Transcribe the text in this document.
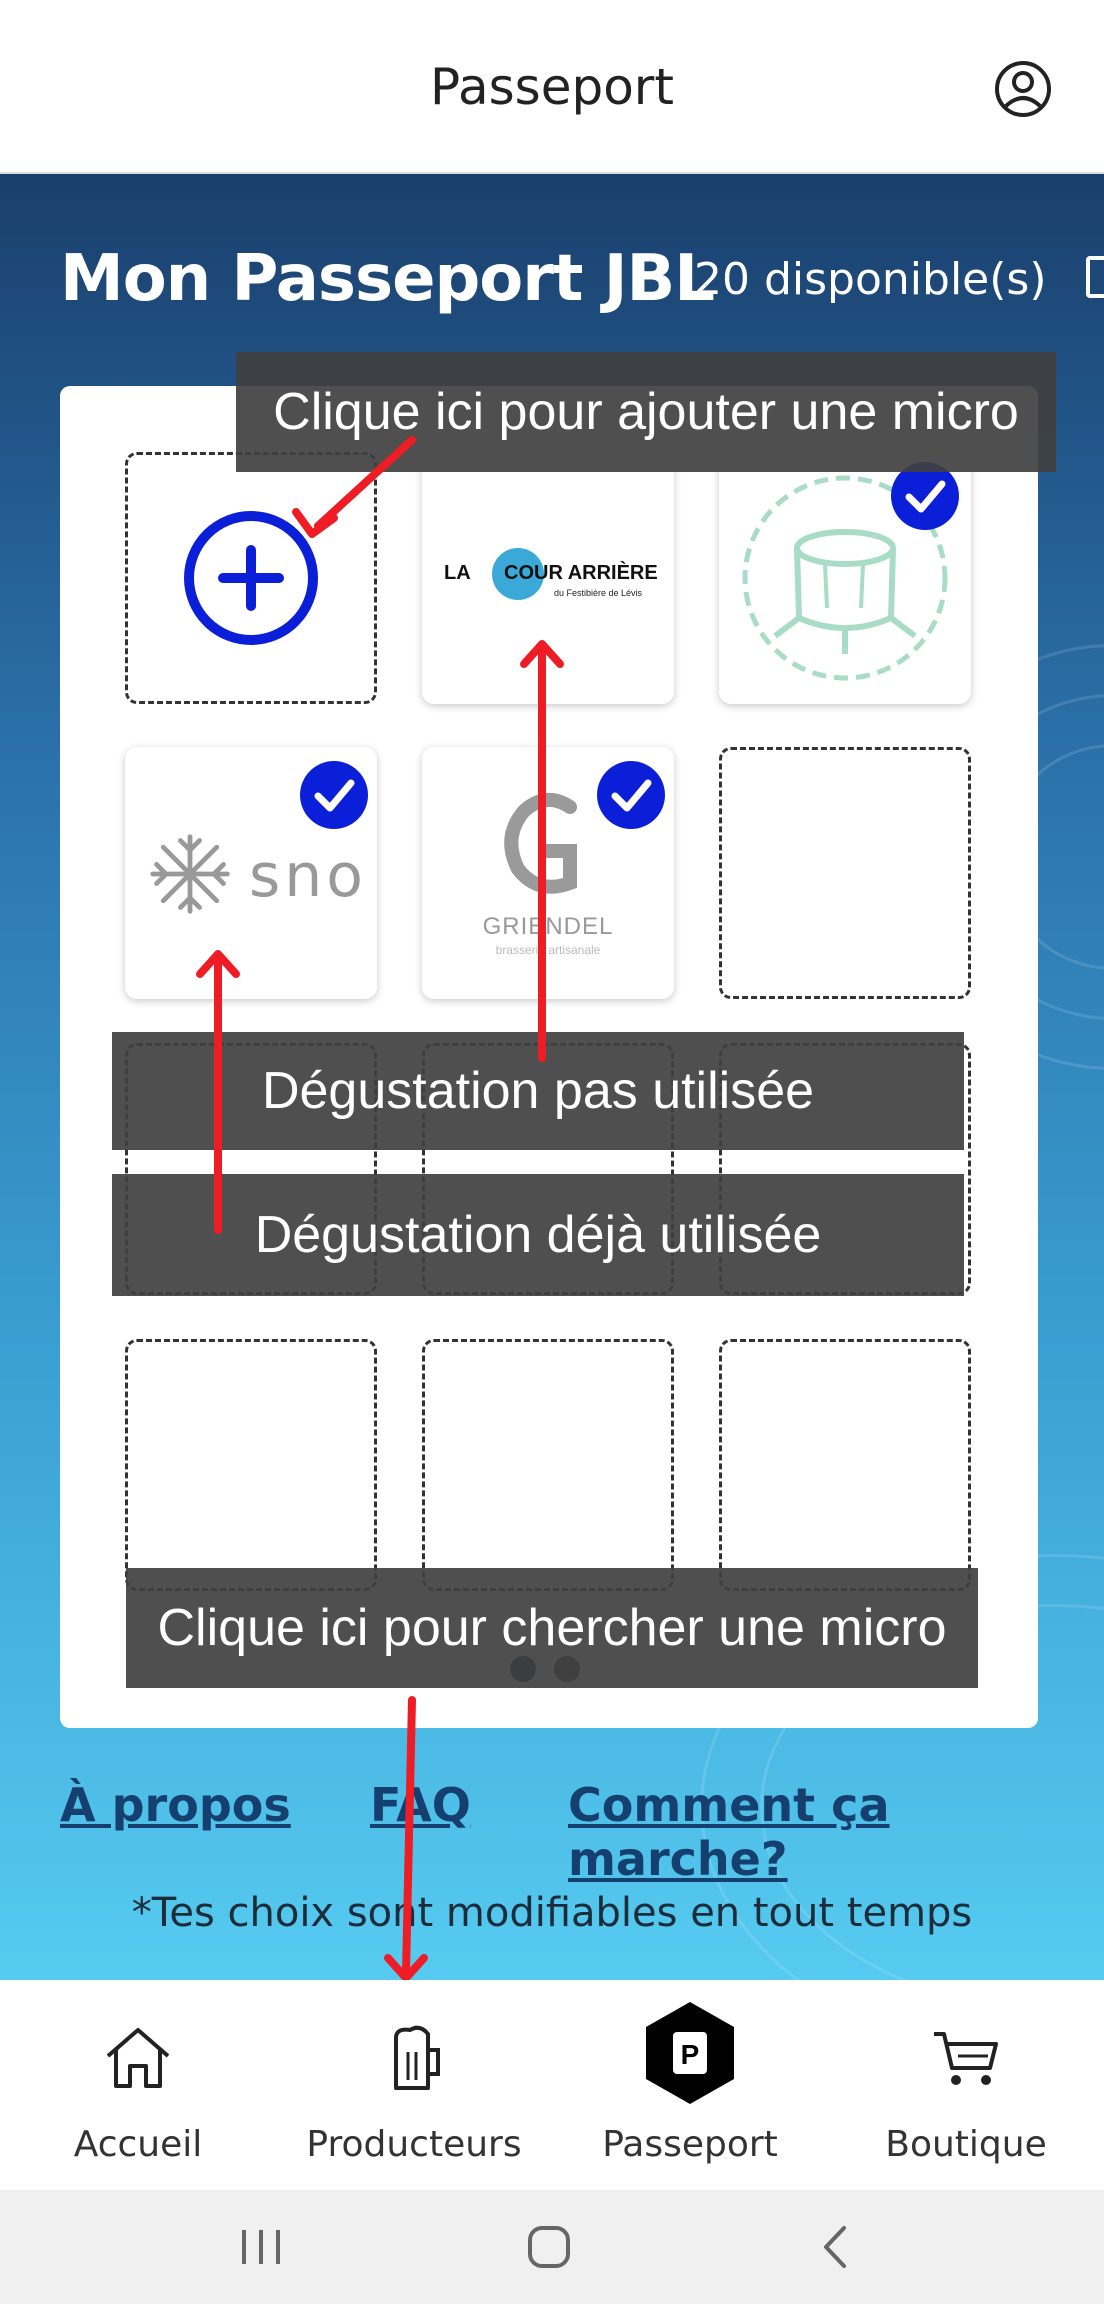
Passeport
Mon Passeport JBL
20 disponible(s)
LA COUR ARRIÈRE
du Festibière de Lévis
sno
GRIENDEL
brasserie artisanale
À propos FAQ Comment ça marche?
*Tes choix sont modifiables en tout temps
Clique ici pour ajouter une micro
Dégustation pas utilisée
Dégustation déjà utilisée
Clique ici pour chercher une micro
Accueil	Producteurs
P
Passeport	Boutique
